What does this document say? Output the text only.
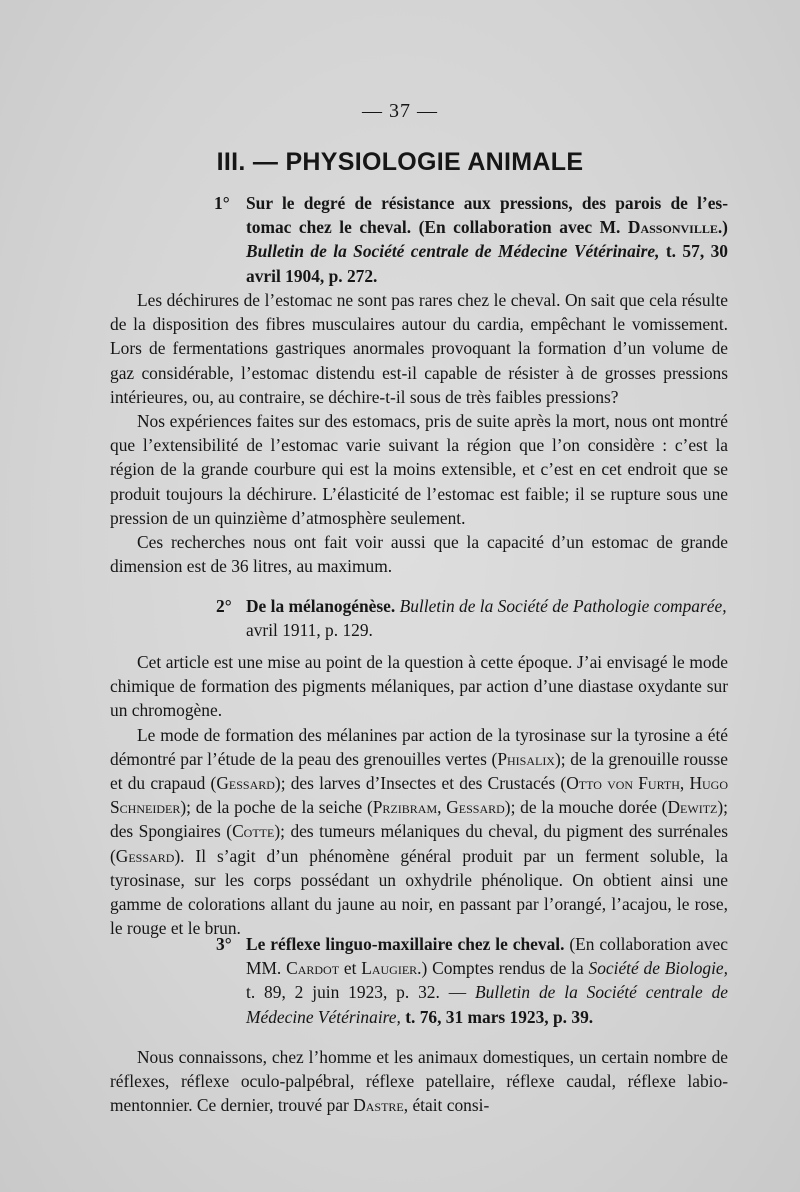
— 37 —
III. — PHYSIOLOGIE ANIMALE
1° Sur le degré de résistance aux pressions, des parois de l’es- tomac chez le cheval. (En collaboration avec M. Dassonville.) Bulletin de la Société centrale de Médecine Vétérinaire, t. 57, 30 avril 1904, p. 272.

Les déchirures de l’estomac ne sont pas rares chez le cheval. On sait que cela résulte de la disposition des fibres musculaires autour du cardia, empêchant le vomissement. Lors de fermentations gastriques anormales provoquant la formation d’un volume de gaz considérable, l’estomac distendu est-il capable de résister à de grosses pressions intérieures, ou, au contraire, se déchire-t-il sous de très faibles pressions?

Nos expériences faites sur des estomacs, pris de suite après la mort, nous ont montré que l’extensibilité de l’estomac varie suivant la région que l’on considère : c’est la région de la grande courbure qui est la moins extensible, et c’est en cet endroit que se produit toujours la déchirure. L’élasticité de l’estomac est faible; il se rupture sous une pression de un quinzième d’atmosphère seulement.

Ces recherches nous ont fait voir aussi que la capacité d’un estomac de grande dimension est de 36 litres, au maximum.

2° De la mélanogénèse. Bulletin de la Société de Pathologie comparée, avril 1911, p. 129.

Cet article est une mise au point de la question à cette époque. J’ai envisagé le mode chimique de formation des pigments mélaniques, par action d’une diastase oxydante sur un chromogène.

Le mode de formation des mélanines par action de la tyrosinase sur la tyrosine a été démontré par l’étude de la peau des grenouilles vertes (Phisalix); de la grenouille rousse et du crapaud (Gessard); des larves d’Insectes et des Crustacés (Otto von Furth, Hugo Schneider); de la poche de la seiche (Przibram, Gessard); de la mouche dorée (Dewitz); des Spongiaires (Cotte); des tumeurs mélaniques du cheval, du pigment des surrénales (Gessard). Il s’agit d’un phénomène général produit par un ferment soluble, la tyrosinase, sur les corps possédant un oxhydrile phénolique. On obtient ainsi une gamme de colorations allant du jaune au noir, en passant par l’orangé, l’acajou, le rose, le rouge et le brun.

3° Le réflexe linguo-maxillaire chez le cheval. (En collaboration avec MM. Cardot et Laugier.) Comptes rendus de la Société de Biologie, t. 89, 2 juin 1923, p. 32. — Bulletin de la Société centrale de Médecine Vétérinaire, t. 76, 31 mars 1923, p. 39.

Nous connaissons, chez l’homme et les animaux domestiques, un certain nombre de réflexes, réflexe oculo-palpébral, réflexe patellaire, réflexe caudal, réflexe labio-mentonnier. Ce dernier, trouvé par Dastre, était consi-
